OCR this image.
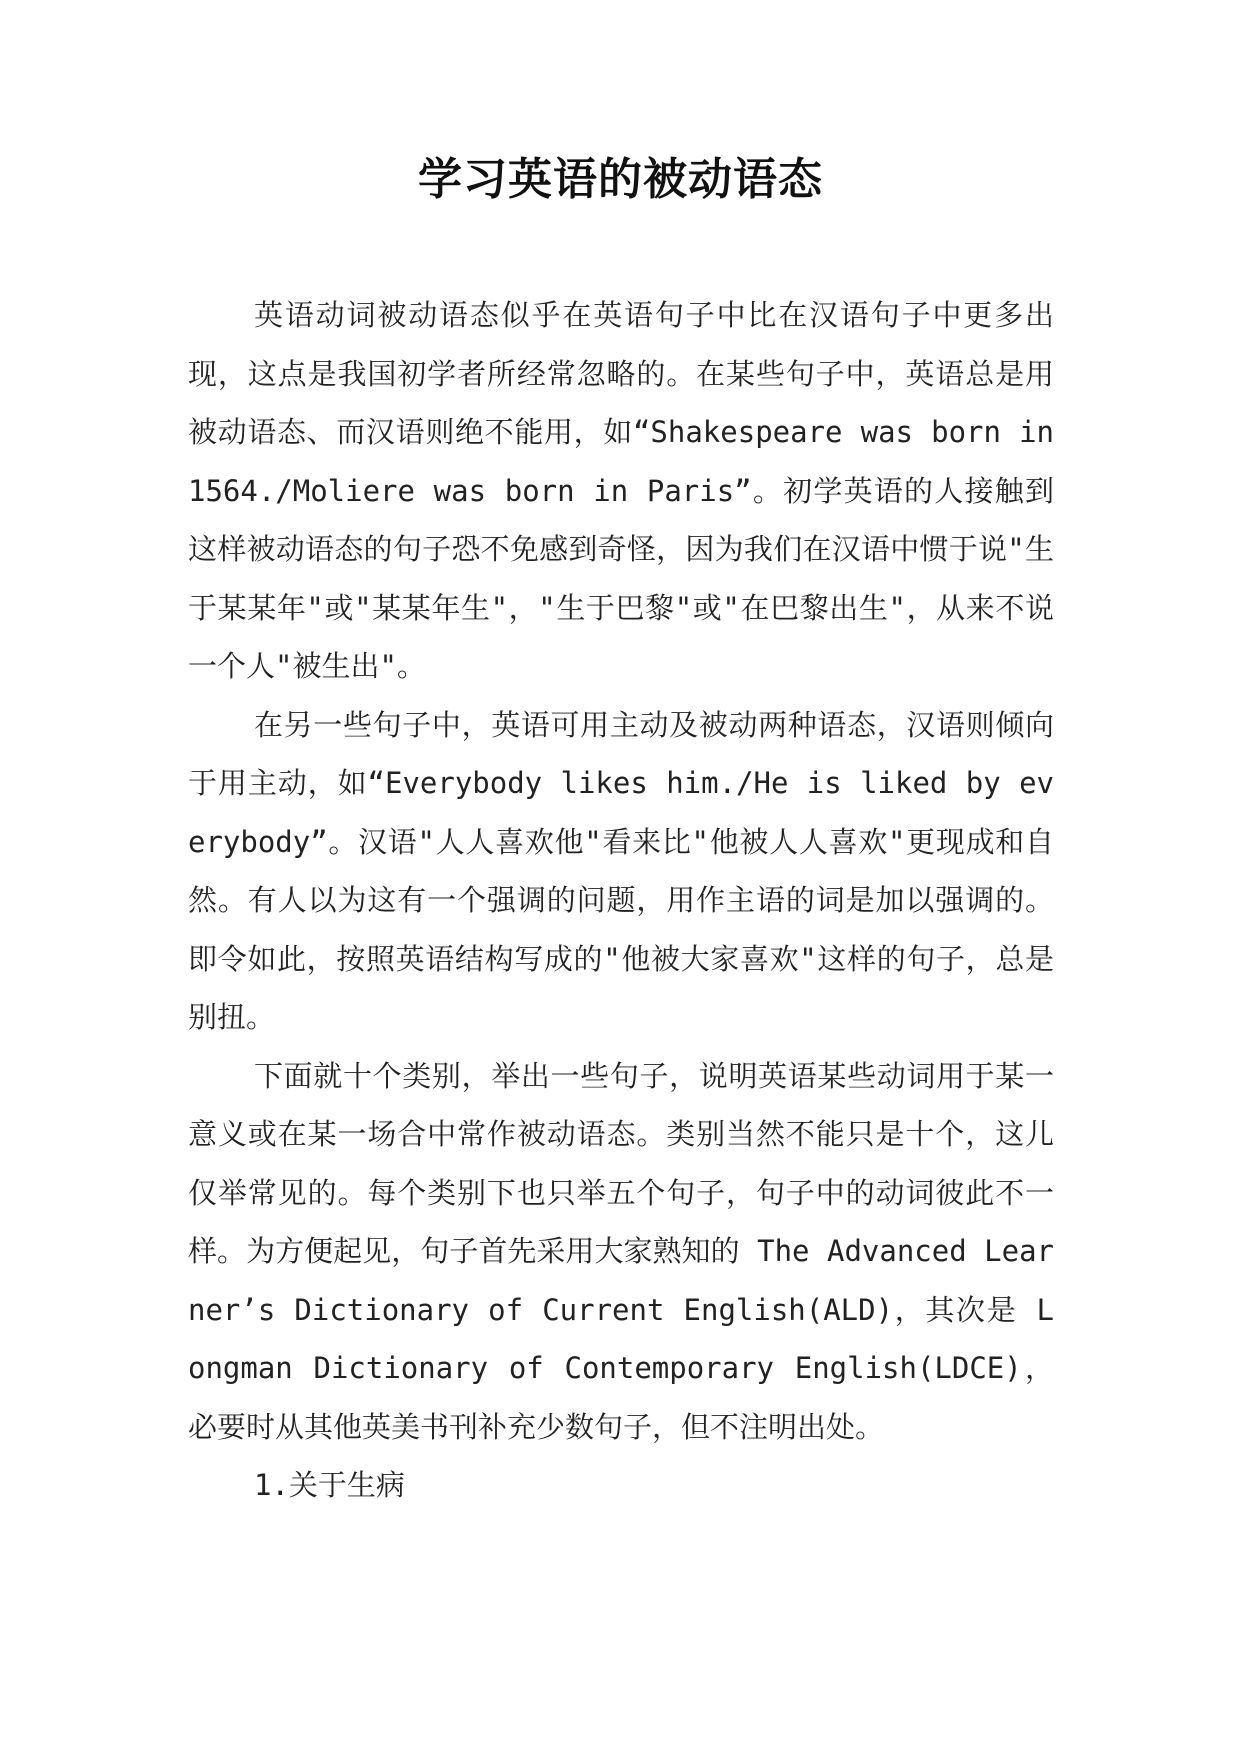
学习英语的被动语态

英语动词被动语态似乎在英语句子中比在汉语句子中更多出现，这点是我国初学者所经常忽略的。在某些句子中，英语总是用被动语态、而汉语则绝不能用，如“Shakespeare was born in 1564./Moliere was born in Paris”。初学英语的人接触到这样被动语态的句子恐不免感到奇怪，因为我们在汉语中惯于说"生于某某年"或"某某年生"，"生于巴黎"或"在巴黎出生"，从来不说一个人"被生出"。

在另一些句子中，英语可用主动及被动两种语态，汉语则倾向于用主动，如“Everybody likes him./He is liked by everybody”。汉语"人人喜欢他"看来比"他被人人喜欢"更现成和自然。有人以为这有一个强调的问题，用作主语的词是加以强调的。即令如此，按照英语结构写成的"他被大家喜欢"这样的句子，总是别扭。

下面就十个类别，举出一些句子，说明英语某些动词用于某一意义或在某一场合中常作被动语态。类别当然不能只是十个，这儿仅举常见的。每个类别下也只举五个句子，句子中的动词彼此不一样。为方便起见，句子首先采用大家熟知的 The Advanced Learner’s Dictionary of Current English(ALD)，其次是 Longman Dictionary of Contemporary English(LDCE)，必要时从其他英美书刊补充少数句子，但不注明出处。

1.关于生病
